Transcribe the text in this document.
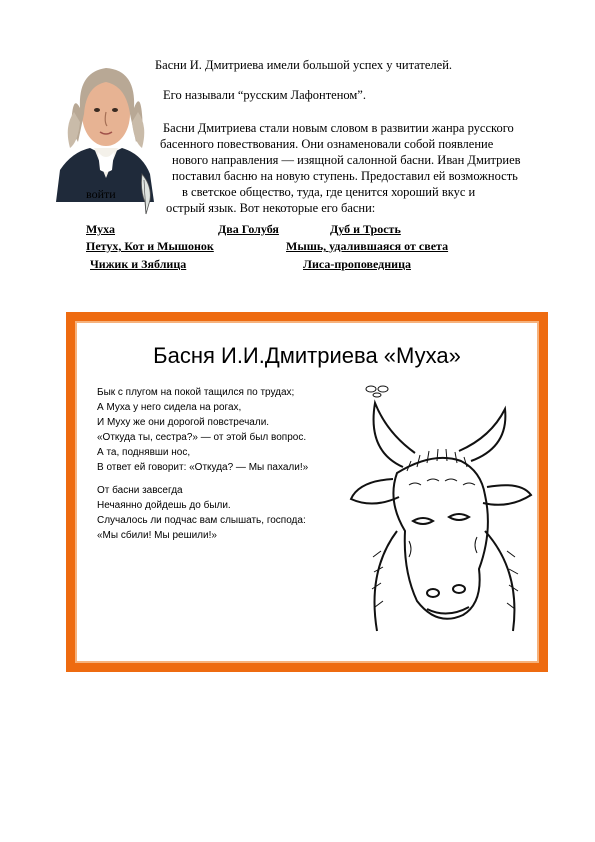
войти

Басни И. Дмитриева имели большой успех у читателей.

Его называли “русским Лафонтеном”.

Басни Дмитриева стали новым словом в развитии жанра русского

басенного повествования. Они ознаменовали собой появление

нового направления — изящной салонной басни. Иван Дмитриев

поставил басню на новую ступень. Предоставил ей возможность

в светское общество, туда, где ценится хороший вкус и

острый язык. Вот некоторые его басни:

Муха	Два Голубя	Дуб и Трость
Петух, Кот и Мышонок	Мышь, удалившаяся от света
Чижик и Зяблица	Лиса-проповедница
Басня И.И.Дмитриева «Муха»
Бык с плугом на покой тащился по трудах;
А Муха у него сидела на рогах,
И Муху же они дорогой повстречали.
«Откуда ты, сестра?» — от этой был вопрос.
А та, поднявши нос,
В ответ ей говорит: «Откуда? — Мы пахали!»
От басни завсегда
Нечаянно дойдешь до были.
Случалось ли подчас вам слышать, господа:
«Мы сбили! Мы решили!»
